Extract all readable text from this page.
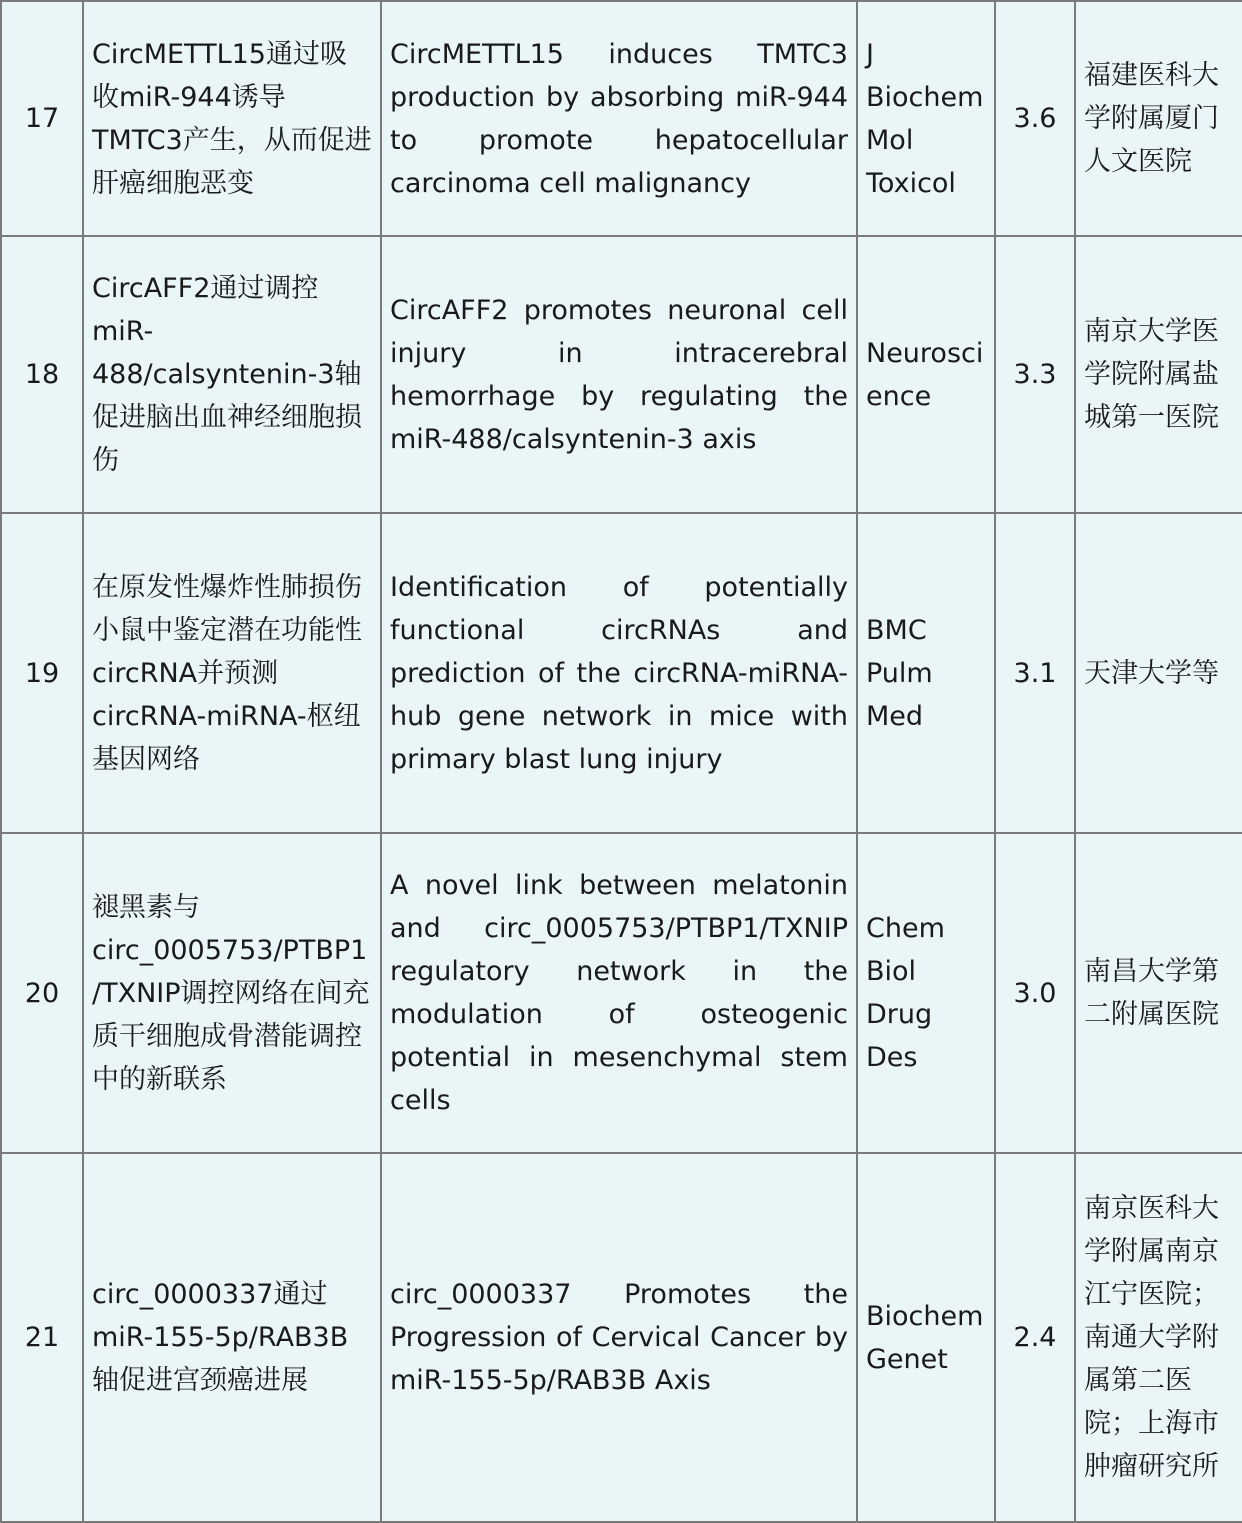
17	CircMETTL15通过吸收miR-944诱导TMTC3产生，从而促进肝癌细胞恶变	CircMETTL15 induces TMTC3 production by absorbing miR-944 to promote hepatocellular carcinoma cell malignancy	J Biochem Mol Toxicol	3.6	福建医科大学附属厦门人文医院
18	CircAFF2通过调控miR-488/calsyntenin-3轴促进脑出血神经细胞损伤	CircAFF2 promotes neuronal cell injury in intracerebral hemorrhage by regulating the miR-488/calsyntenin-3 axis	Neuroscience	3.3	南京大学医学院附属盐城第一医院
19	在原发性爆炸性肺损伤小鼠中鉴定潜在功能性circRNA并预测circRNA-miRNA-枢纽基因网络	Identification of potentially functional circRNAs and prediction of the circRNA-miRNA-hub gene network in mice with primary blast lung injury	BMC Pulm Med	3.1	天津大学等
20	褪黑素与circ_0005753/PTBP1/TXNIP调控网络在间充质干细胞成骨潜能调控中的新联系	A novel link between melatonin and circ_0005753/PTBP1/TXNIP regulatory network in the modulation of osteogenic potential in mesenchymal stem cells	Chem Biol Drug Des	3.0	南昌大学第二附属医院
21	circ_0000337通过miR-155-5p/RAB3B轴促进宫颈癌进展	circ_0000337 Promotes the Progression of Cervical Cancer by miR-155-5p/RAB3B Axis	Biochem Genet	2.4	南京医科大学附属南京江宁医院；南通大学附属第二医院；上海市肿瘤研究所
